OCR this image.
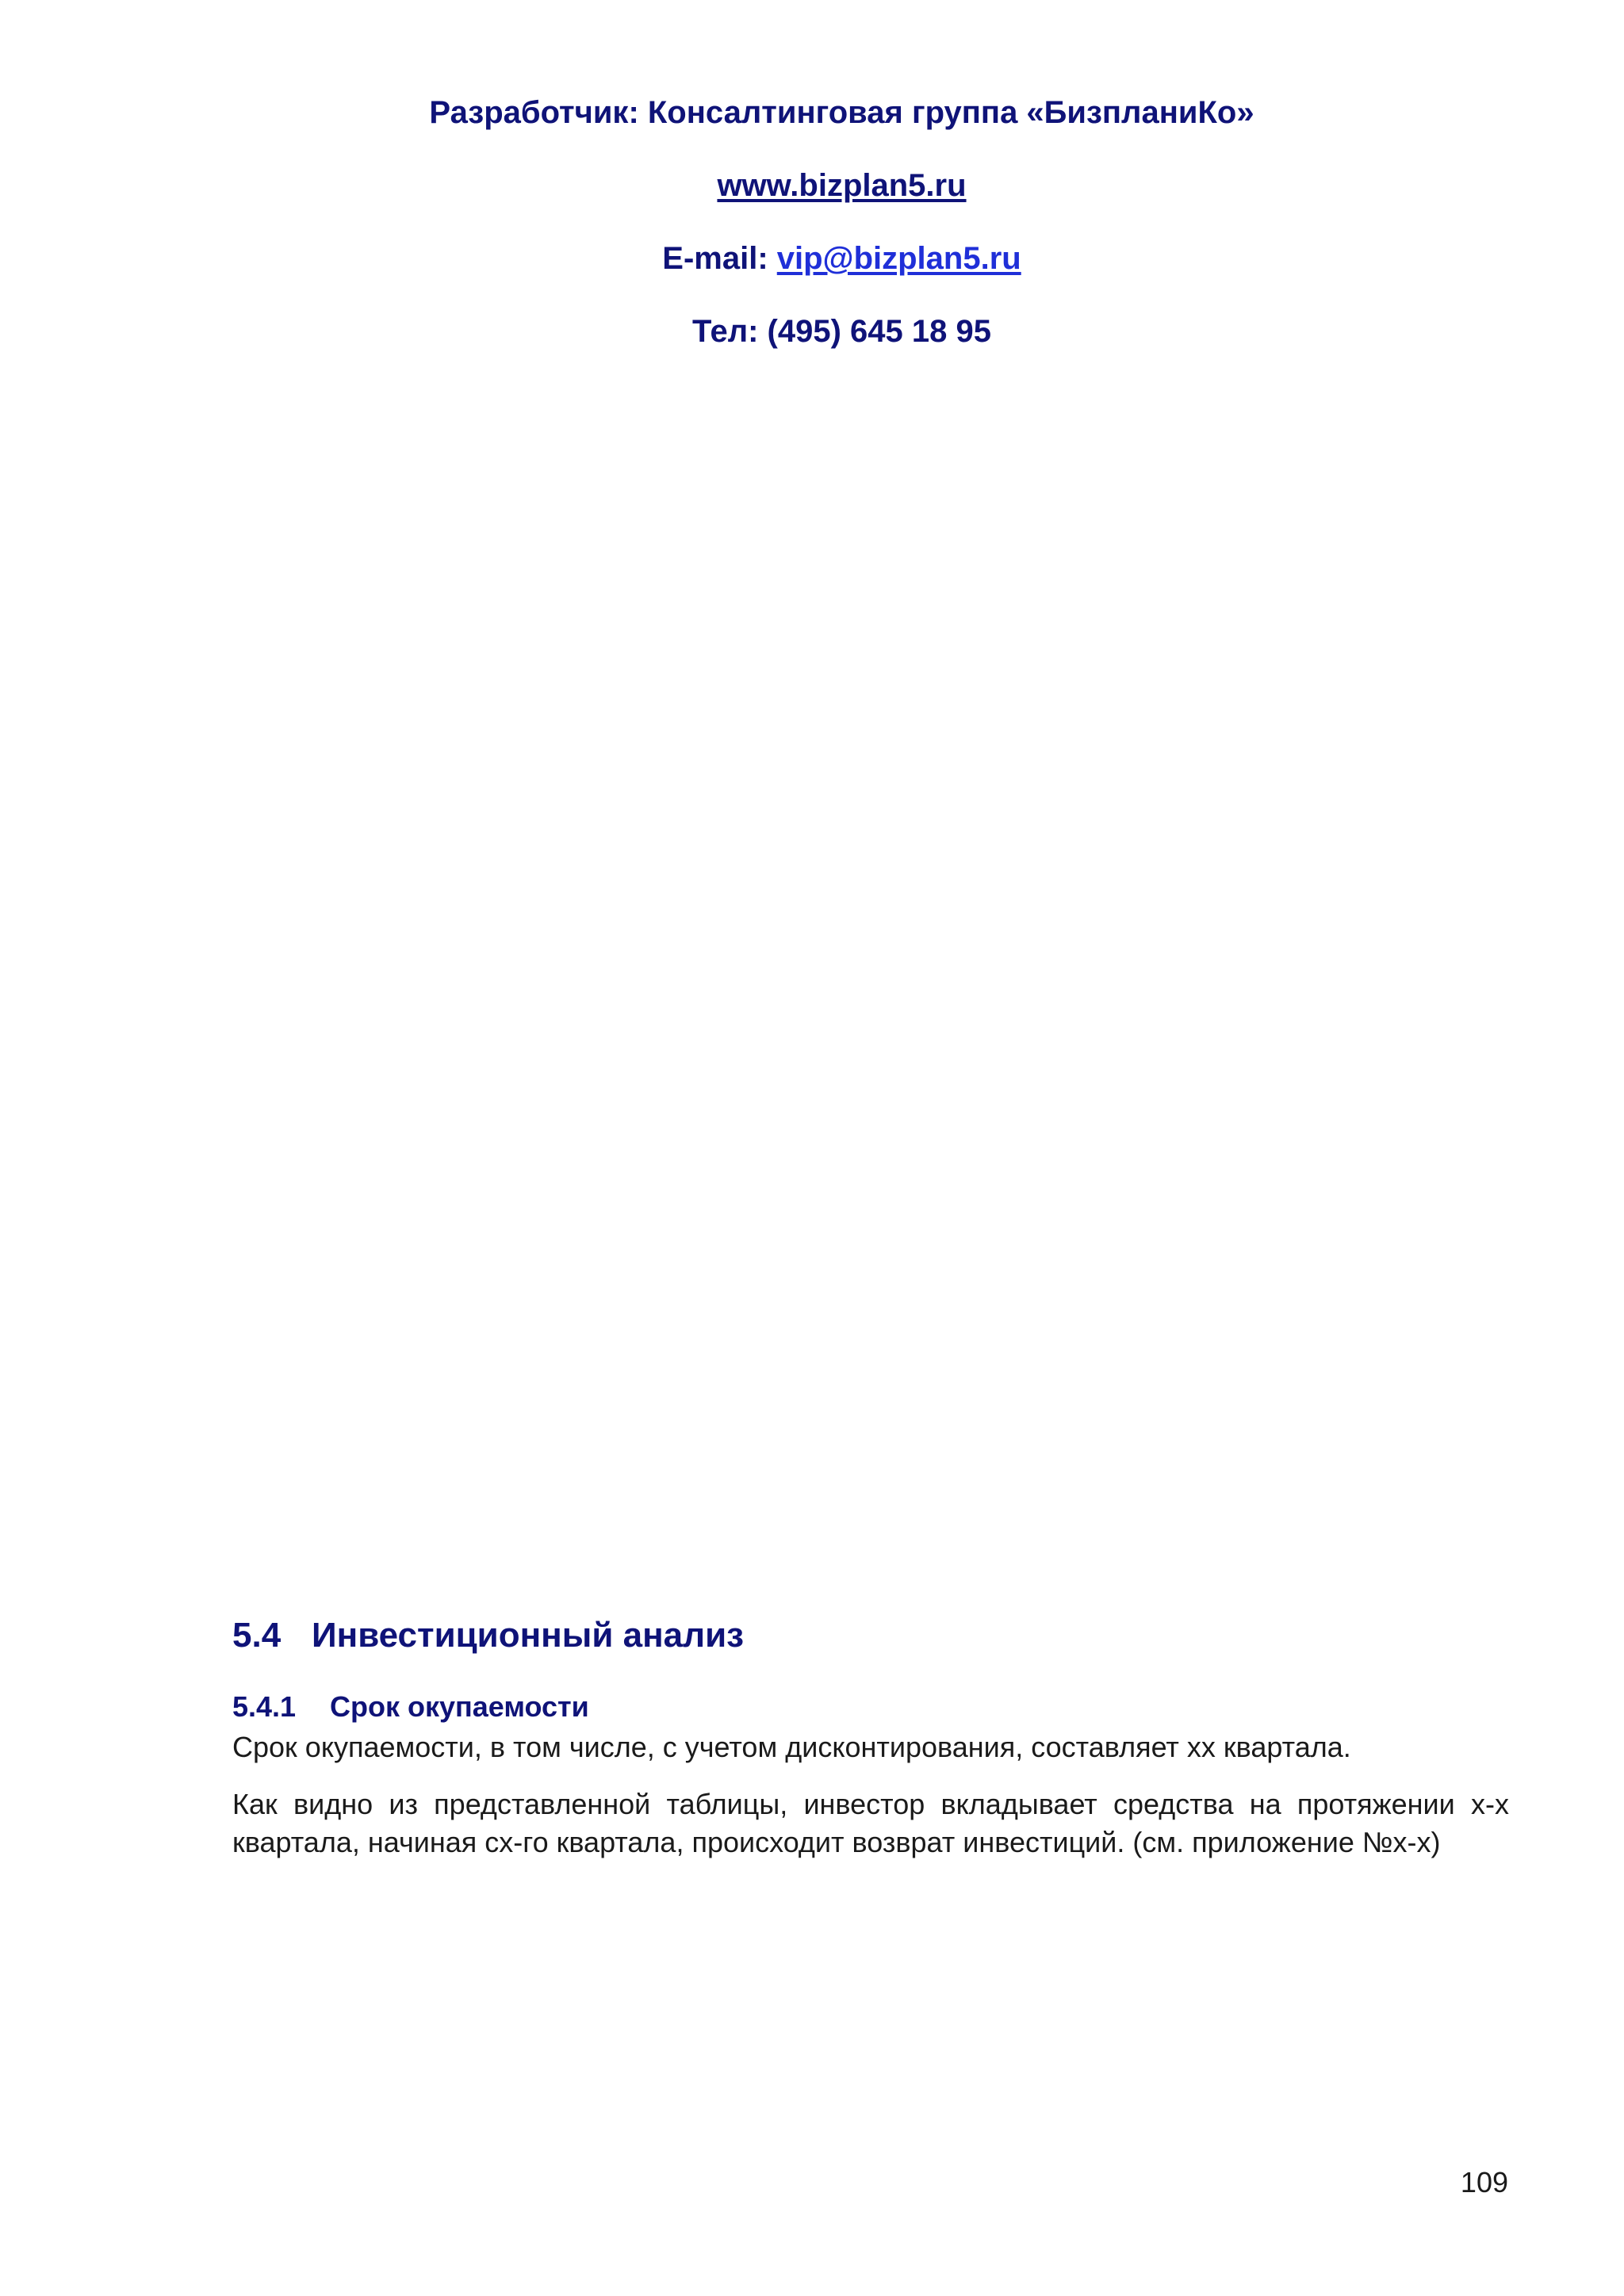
Разработчик: Консалтинговая группа «БизпланиКо»
www.bizplan5.ru
E-mail: vip@bizplan5.ru
Тел: (495) 645 18 95
5.4 Инвестиционный анализ
5.4.1 Срок окупаемости
Срок окупаемости, в том числе, с учетом дисконтирования, составляет хх квартала.
Как видно из представленной таблицы, инвестор вкладывает средства на протяжении х-х квартала, начиная сх-го квартала, происходит возврат инвестиций. (см. приложение №х-х)
109
